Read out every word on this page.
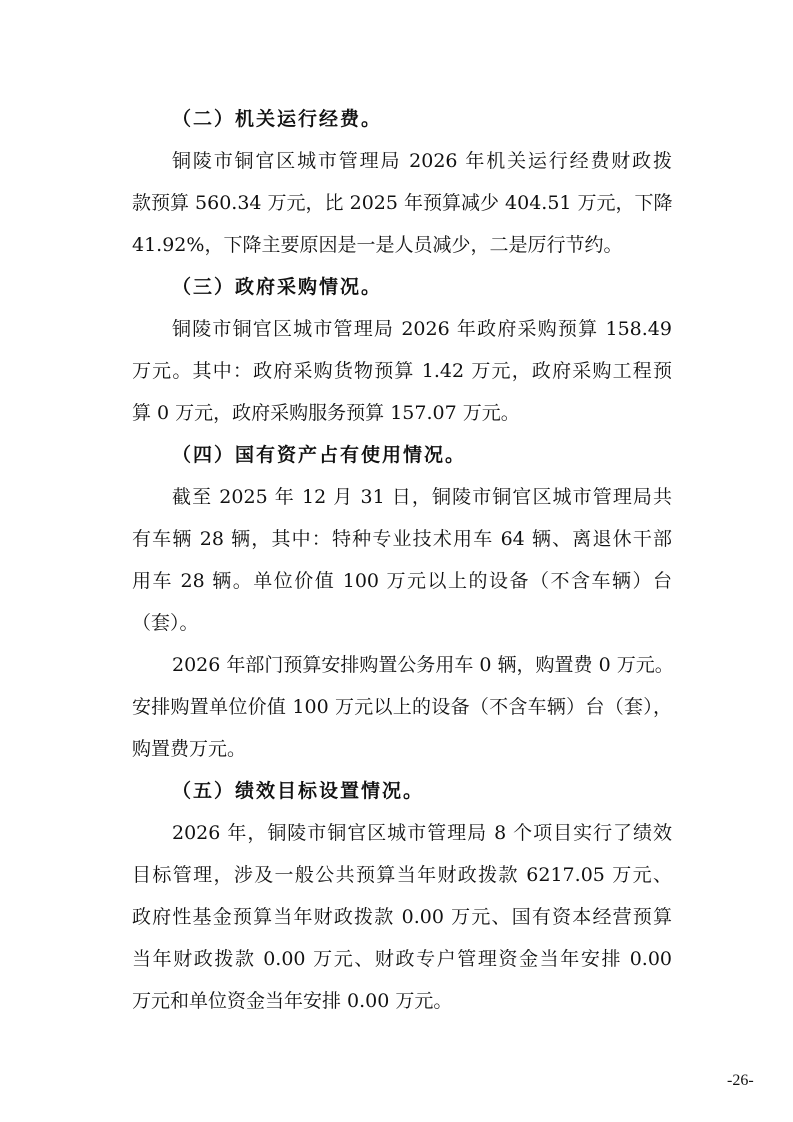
（二）机关运行经费。
铜陵市铜官区城市管理局 2026 年机关运行经费财政拨
款预算 560.34 万元，比 2025 年预算减少 404.51 万元，下降
41.92%，下降主要原因是一是人员减少，二是厉行节约。
（三）政府采购情况。
铜陵市铜官区城市管理局 2026 年政府采购预算 158.49
万元。其中：政府采购货物预算 1.42 万元，政府采购工程预
算 0 万元，政府采购服务预算 157.07 万元。
（四）国有资产占有使用情况。
截至 2025 年 12 月 31 日，铜陵市铜官区城市管理局共
有车辆 28 辆，其中：特种专业技术用车 64 辆、离退休干部
用车 28 辆。单位价值 100 万元以上的设备（不含车辆）台
（套）。
2026 年部门预算安排购置公务用车 0 辆，购置费 0 万元。
安排购置单位价值 100 万元以上的设备（不含车辆）台（套），
购置费万元。
（五）绩效目标设置情况。
2026 年，铜陵市铜官区城市管理局 8 个项目实行了绩效
目标管理，涉及一般公共预算当年财政拨款 6217.05 万元、
政府性基金预算当年财政拨款 0.00 万元、国有资本经营预算
当年财政拨款 0.00 万元、财政专户管理资金当年安排 0.00
万元和单位资金当年安排 0.00 万元。
-26-
